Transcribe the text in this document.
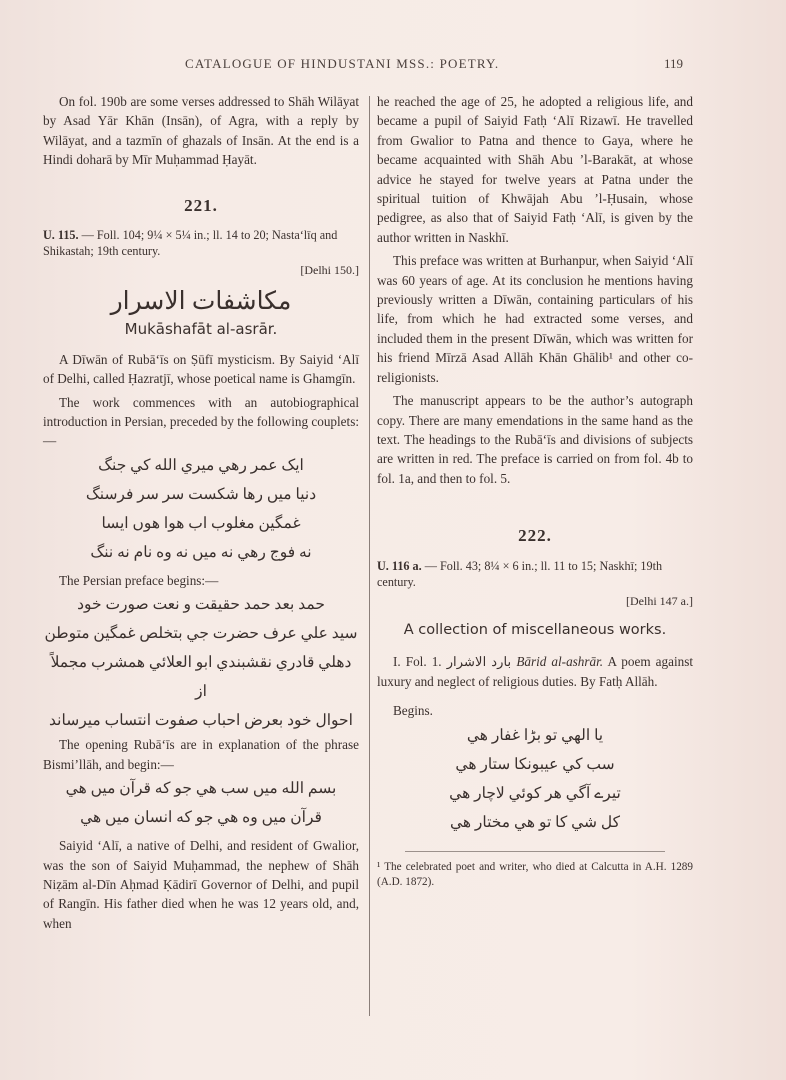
CATALOGUE OF HINDUSTANI MSS.: POETRY.	119

On fol. 190b are some verses addressed to Shāh Wilāyat by Asad Yār Khān (Insān), of Agra, with a reply by Wilāyat, and a tazmīn of ghazals of Insān. At the end is a Hindi doharā by Mīr Muḥammad Ḥayāt.

221.

U. 115. — Foll. 104; 9¼ × 5¼ in.; ll. 14 to 20; Nasta‘līq and Shikastah; 19th century.

[Delhi 150.]

مکاشفات الاسرار

Mukāshafāt al-asrār.

A Dīwān of Rubā‘īs on Ṣūfī mysticism. By Saiyid ‘Alī of Delhi, called Ḥazratjī, whose poetical name is Ghamgīn.

The work commences with an autobiographical introduction in Persian, preceded by the following couplets:—

ایک عمر رهي میري الله کي جنگ

دنیا میں رها شکست سر سر فرسنگ

غمگین مغلوب اب هوا هوں ایسا

نه فوج رهي نه میں نه وه نام نه ننگ

The Persian preface begins:—

حمد بعد حمد حقیقت و نعت صورت خود

سید علي عرف حضرت جي بتخلص غمگین متوطن

دهلي قادري نقشبندي ابو العلائي همشرب مجملاً از

احوال خود بعرض احباب صفوت انتساب میرساند

The opening Rubā‘īs are in explanation of the phrase Bismi’llāh, and begin:—

بسم الله میں سب هي جو که قرآن میں هي

قرآن میں وه هي جو که انسان میں هي

Saiyid ‘Alī, a native of Delhi, and resident of Gwalior, was the son of Saiyid Muḥammad, the nephew of Shāh Niẓām al-Dīn Aḥmad Ḳādirī Governor of Delhi, and pupil of Rangīn. His father died when he was 12 years old, and, when

he reached the age of 25, he adopted a religious life, and became a pupil of Saiyid Fatḥ ‘Alī Rizawī. He travelled from Gwalior to Patna and thence to Gaya, where he became acquainted with Shāh Abu ’l-Barakāt, at whose advice he stayed for twelve years at Patna under the spiritual tuition of Khwājah Abu ’l-Ḥusain, whose pedigree, as also that of Saiyid Fatḥ ‘Alī, is given by the author written in Naskhī.

This preface was written at Burhanpur, when Saiyid ‘Alī was 60 years of age. At its conclusion he mentions having previously written a Dīwān, containing particulars of his life, from which he had extracted some verses, and included them in the present Dīwān, which was written for his friend Mīrzā Asad Allāh Khān Ghālib¹ and other co-religionists.

The manuscript appears to be the author’s autograph copy. There are many emendations in the same hand as the text. The headings to the Rubā‘īs and divisions of subjects are written in red. The preface is carried on from fol. 4b to fol. 1a, and then to fol. 5.

222.

U. 116 a. — Foll. 43; 8¼ × 6 in.; ll. 11 to 15; Naskhī; 19th century.

[Delhi 147 a.]

A collection of miscellaneous works.

I. Fol. 1. بارد الاشرار Bārid al-ashrār. A poem against luxury and neglect of religious duties. By Fatḥ Allāh.

Begins.

یا الهي تو بڑا غفار هي

سب کي عیبونکا ستار هي

تیرے آگي هر کوئي لاچار هي

کل شي کا تو هي مختار هي

¹ The celebrated poet and writer, who died at Calcutta in A.H. 1289 (A.D. 1872).
